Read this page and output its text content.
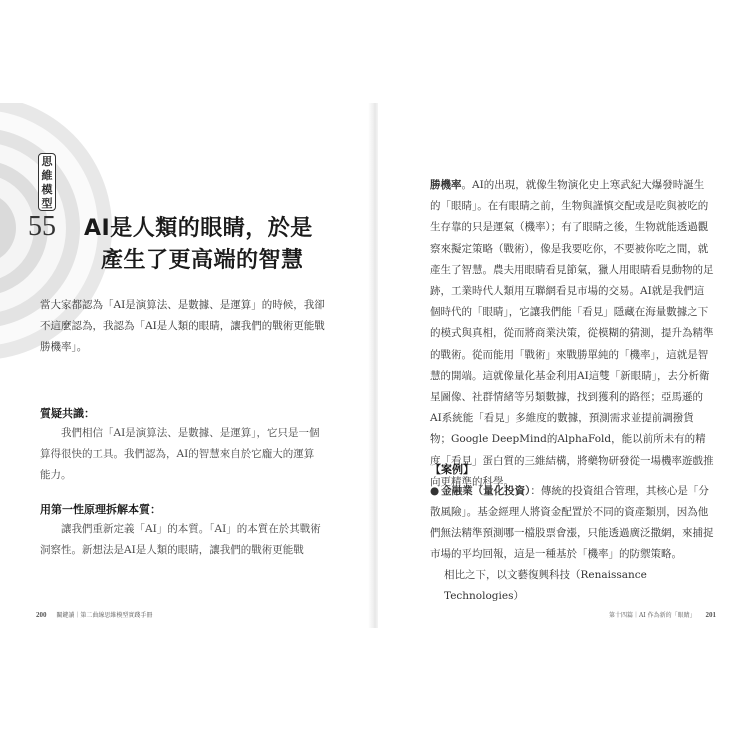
思
維
模
型
55 AI是人類的眼睛，於是
產生了更高端的智慧
當大家都認為「AI是演算法、是數據、是運算」的時候，我卻不這麼認為，我認為「AI是人類的眼睛，讓我們的戰術更能戰勝機率」。
質疑共識：
我們相信「AI是演算法、是數據、是運算」，它只是一個算得很快的工具。我們認為，AI的智慧來自於它龐大的運算能力。
用第一性原理拆解本質：
讓我們重新定義「AI」的本質。「AI」的本質在於其戰術洞察性。新想法是AI是人類的眼睛，讓我們的戰術更能戰
200 關鍵讀｜第二曲線思維模型實踐手冊
勝機率。AI的出現，就像生物演化史上寒武紀大爆發時誕生的「眼睛」。在有眼睛之前，生物與謹慎交配或是吃與被吃的生存靠的只是運氣（機率）；有了眼睛之後，生物就能透過觀察來擬定策略（戰術），像是我要吃你，不要被你吃之間，就產生了智慧。農夫用眼睛看見節氣，獵人用眼睛看見動物的足跡，工業時代人類用互聯網看見市場的交易。AI就是我們這個時代的「眼睛」，它讓我們能「看見」隱藏在海量數據之下的模式與真相，從而將商業決策，從模糊的猜測，提升為精準的戰術。從而能用「戰術」來戰勝單純的「機率」，這就是智慧的開端。這就像量化基金利用AI這雙「新眼睛」，去分析衛星圖像、社群情緒等另類數據，找到獲利的路徑；亞馬遜的AI系統能「看見」多維度的數據，預測需求並提前調撥貨物；Google DeepMind的AlphaFold，能以前所未有的精度「看見」蛋白質的三維結構，將藥物研發從一場機率遊戲推向更精準的科學。
【案例】
● 金融業（量化投資）：傳統的投資組合管理，其核心是「分散風險」。基金經理人將資金配置於不同的資產類別，因為他們無法精準預測哪一檔股票會漲，只能透過廣泛撒網，來捕捉市場的平均回報，這是一種基於「機率」的防禦策略。
相比之下，以文藝復興科技（Renaissance Technologies）
第十四篇｜AI 作為新的「眼睛」 201
